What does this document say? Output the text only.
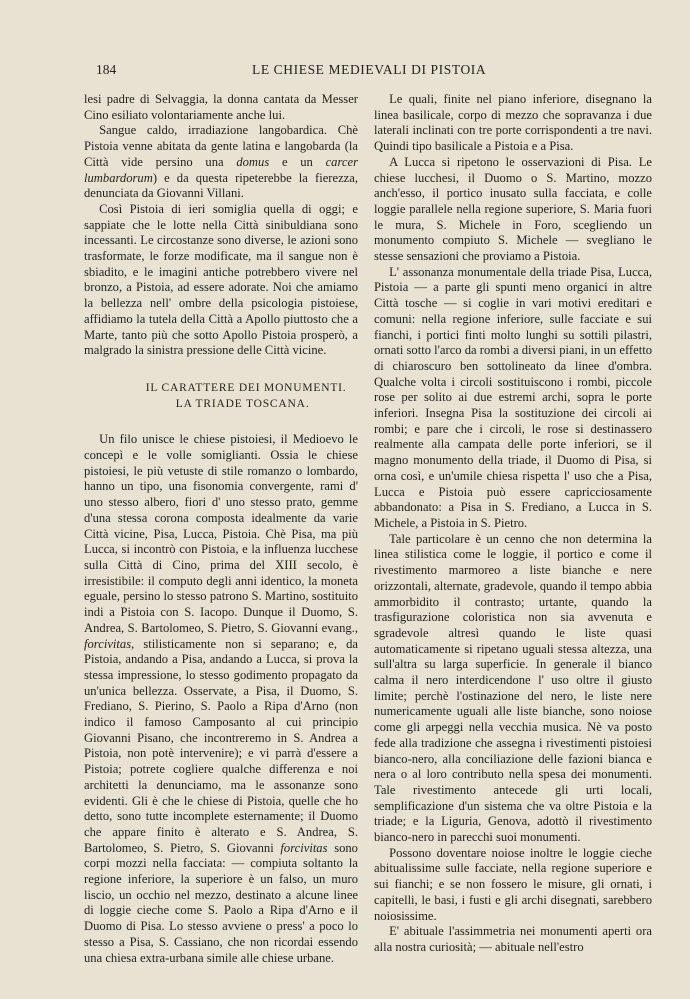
184	LE CHIESE MEDIEVALI DI PISTOIA

lesi padre di Selvaggia, la donna cantata da Messer Cino esiliato volontariamente anche lui.

Sangue caldo, irradiazione langobardica. Chè Pistoia venne abitata da gente latina e langobarda (la Città vide persino una domus e un carcer lumbardorum) e da questa ripeterebbe la fierezza, denunciata da Giovanni Villani.

Così Pistoia di ieri somiglia quella di oggi; e sappiate che le lotte nella Città sinibuldiana sono incessanti. Le circostanze sono diverse, le azioni sono trasformate, le forze modificate, ma il sangue non è sbiadito, e le imagini antiche potrebbero vivere nel bronzo, a Pistoia, ad essere adorate. Noi che amiamo la bellezza nell' ombre della psicologia pistoiese, affidiamo la tutela della Città a Apollo piuttosto che a Marte, tanto più che sotto Apollo Pistoia prosperò, a malgrado la sinistra pressione delle Città vicine.

IL CARATTERE DEI MONUMENTI.

LA TRIADE TOSCANA.

Un filo unisce le chiese pistoiesi, il Medioevo le concepì e le volle somiglianti. Ossia le chiese pistoiesi, le più vetuste di stile romanzo o lombardo, hanno un tipo, una fisonomia convergente, rami d' uno stesso albero, fiori d' uno stesso prato, gemme d'una stessa corona composta idealmente da varie Città vicine, Pisa, Lucca, Pistoia. Chè Pisa, ma più Lucca, si incontrò con Pistoia, e la influenza lucchese sulla Città di Cino, prima del XIII secolo, è irresistibile: il computo degli anni identico, la moneta eguale, persino lo stesso patrono S. Martino, sostituito indi a Pistoia con S. Iacopo. Dunque il Duomo, S. Andrea, S. Bartolomeo, S. Pietro, S. Giovanni evang., forcivitas, stilisticamente non si separano; e, da Pistoia, andando a Pisa, andando a Lucca, si prova la stessa impressione, lo stesso godimento propagato da un'unica bellezza. Osservate, a Pisa, il Duomo, S. Frediano, S. Pierino, S. Paolo a Ripa d'Arno (non indico il famoso Camposanto al cui principio Giovanni Pisano, che incontreremo in S. Andrea a Pistoia, non potè intervenire); e vi parrà d'essere a Pistoia; potrete cogliere qualche differenza e noi architetti la denunciamo, ma le assonanze sono evidenti. Gli è che le chiese di Pistoia, quelle che ho detto, sono tutte incomplete esternamente; il Duomo che appare finito è alterato e S. Andrea, S. Bartolomeo, S. Pietro, S. Giovanni forcivitas sono corpi mozzi nella facciata: — compiuta soltanto la regione inferiore, la superiore è un falso, un muro liscio, un occhio nel mezzo, destinato a alcune linee di loggie cieche come S. Paolo a Ripa d'Arno e il Duomo di Pisa. Lo stesso avviene o press' a poco lo stesso a Pisa, S. Cassiano, che non ricordai essendo una chiesa extra-urbana simile alle chiese urbane.

Le quali, finite nel piano inferiore, disegnano la linea basilicale, corpo di mezzo che sopravanza i due laterali inclinati con tre porte corrispondenti a tre navi. Quindi tipo basilicale a Pistoia e a Pisa.

A Lucca si ripetono le osservazioni di Pisa. Le chiese lucchesi, il Duomo o S. Martino, mozzo anch'esso, il portico inusato sulla facciata, e colle loggie parallele nella regione superiore, S. Maria fuori le mura, S. Michele in Foro, scegliendo un monumento compiuto S. Michele — svegliano le stesse sensazioni che proviamo a Pistoia.

L' assonanza monumentale della triade Pisa, Lucca, Pistoia — a parte gli spunti meno organici in altre Città tosche — si coglie in vari motivi ereditari e comuni: nella regione inferiore, sulle facciate e sui fianchi, i portici finti molto lunghi su sottili pilastri, ornati sotto l'arco da rombi a diversi piani, in un effetto di chiaroscuro ben sottolineato da linee d'ombra. Qualche volta i circoli sostituiscono i rombi, piccole rose per solito ai due estremi archi, sopra le porte inferiori. Insegna Pisa la sostituzione dei circoli ai rombi; e pare che i circoli, le rose si destinassero realmente alla campata delle porte inferiori, se il magno monumento della triade, il Duomo di Pisa, si orna così, e un'umile chiesa rispetta l' uso che a Pisa, Lucca e Pistoia può essere capricciosamente abbandonato: a Pisa in S. Frediano, a Lucca in S. Michele, a Pistoia in S. Pietro.

Tale particolare è un cenno che non determina la linea stilistica come le loggie, il portico e come il rivestimento marmoreo a liste bianche e nere orizzontali, alternate, gradevole, quando il tempo abbia ammorbidito il contrasto; urtante, quando la trasfigurazione coloristica non sia avvenuta e sgradevole altresì quando le liste quasi automaticamente si ripetano uguali stessa altezza, una sull'altra su larga superficie. In generale il bianco calma il nero interdicendone l' uso oltre il giusto limite; perchè l'ostinazione del nero, le liste nere numericamente uguali alle liste bianche, sono noiose come gli arpeggi nella vecchia musica. Nè va posto fede alla tradizione che assegna i rivestimenti pistoiesi bianco-nero, alla conciliazione delle fazioni bianca e nera o al loro contributo nella spesa dei monumenti. Tale rivestimento antecede gli urti locali, semplificazione d'un sistema che va oltre Pistoia e la triade; e la Liguria, Genova, adottò il rivestimento bianco-nero in parecchi suoi monumenti.

Possono doventare noiose inoltre le loggie cieche abitualissime sulle facciate, nella regione superiore e sui fianchi; e se non fossero le misure, gli ornati, i capitelli, le basi, i fusti e gli archi disegnati, sarebbero noiosissime.

E' abituale l'assimmetria nei monumenti aperti ora alla nostra curiosità; — abituale nell'estro
